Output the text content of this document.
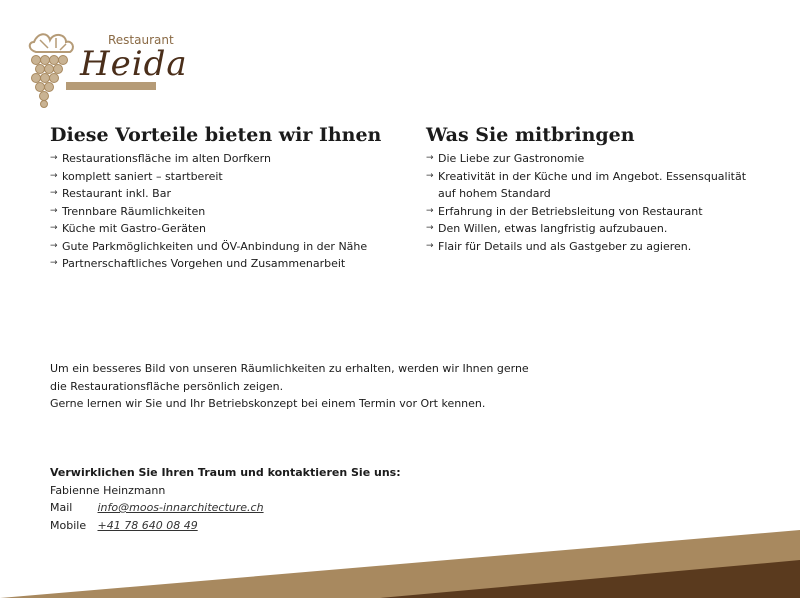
Restaurant
Heida
Diese Vorteile bieten wir Ihnen
→ Restaurationsfläche im alten Dorfkern
→ komplett saniert – startbereit
→ Restaurant inkl. Bar
→ Trennbare Räumlichkeiten
→ Küche mit Gastro-Geräten
→ Gute Parkmöglichkeiten und ÖV-Anbindung in der Nähe
→ Partnerschaftliches Vorgehen und Zusammenarbeit
Was Sie mitbringen
→ Die Liebe zur Gastronomie
→ Kreativität in der Küche und im Angebot. Essensqualität
auf hohem Standard
→ Erfahrung in der Betriebsleitung von Restaurant
→ Den Willen, etwas langfristig aufzubauen.
→ Flair für Details und als Gastgeber zu agieren.
Um ein besseres Bild von unseren Räumlichkeiten zu erhalten, werden wir Ihnen gerne
die Restaurationsfläche persönlich zeigen.
Gerne lernen wir Sie und Ihr Betriebskonzept bei einem Termin vor Ort kennen.
Verwirklichen Sie Ihren Traum und kontaktieren Sie uns:
Fabienne Heinzmann
Mail info@moos-innarchitecture.ch
Mobile +41 78 640 08 49
